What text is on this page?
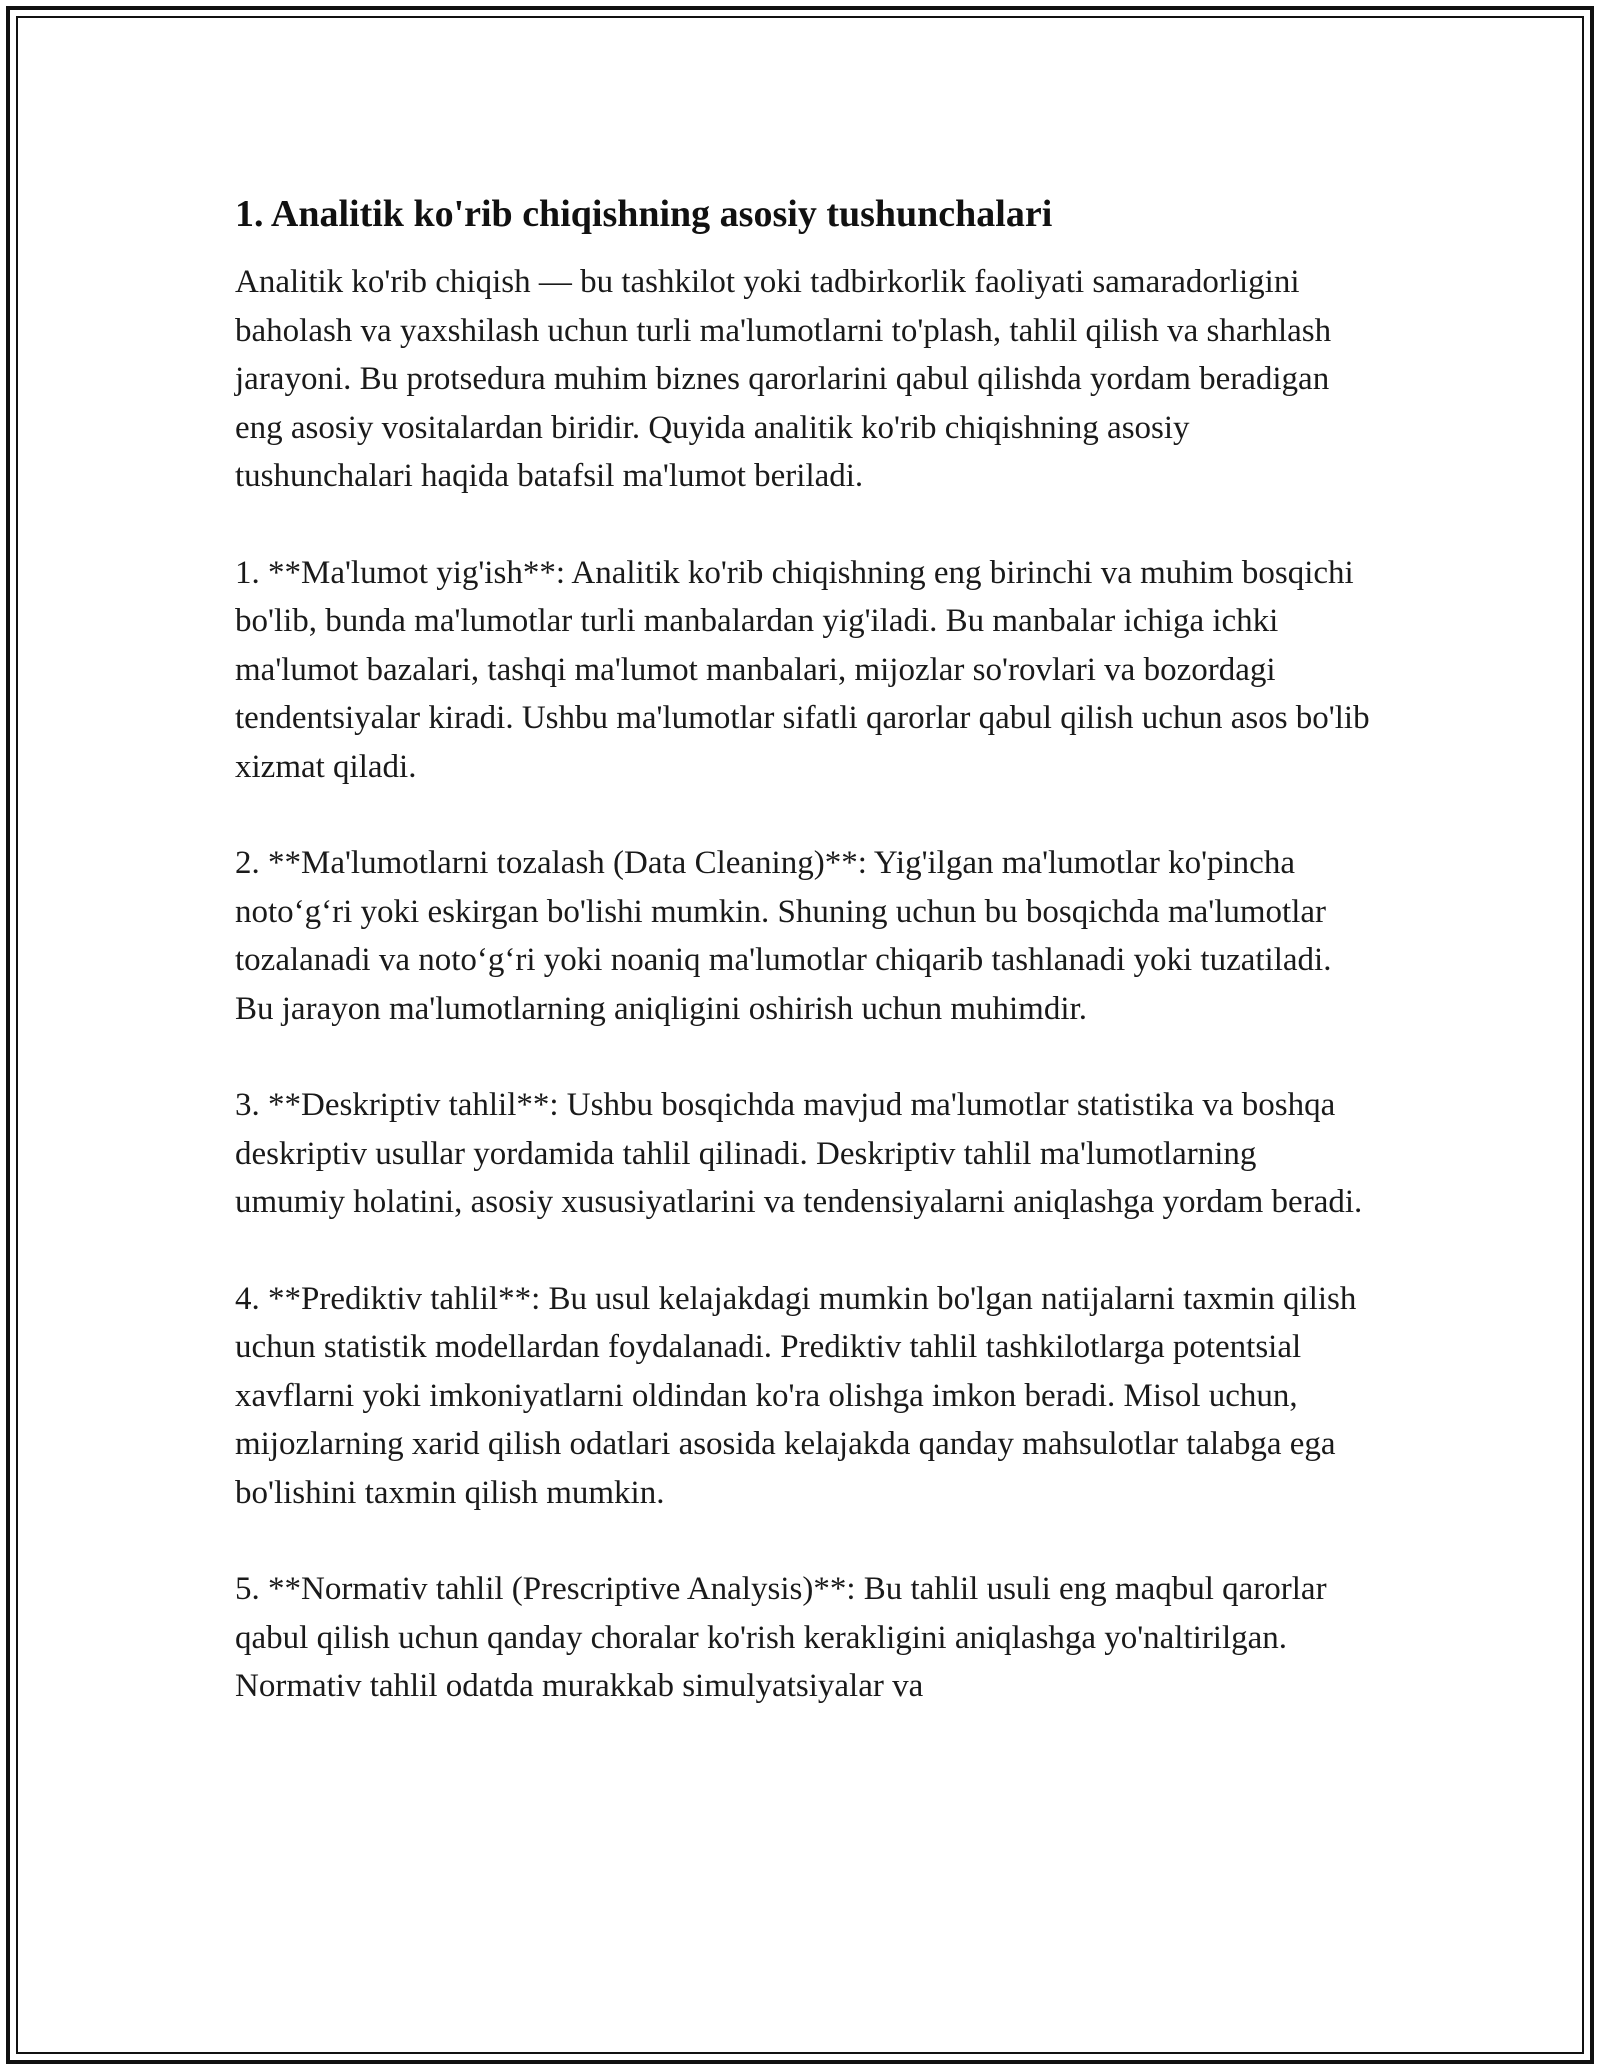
1. Analitik ko'rib chiqishning asosiy tushunchalari

Analitik ko'rib chiqish — bu tashkilot yoki tadbirkorlik faoliyati samaradorligini baholash va yaxshilash uchun turli ma'lumotlarni to'plash, tahlil qilish va sharhlash jarayoni. Bu protsedura muhim biznes qarorlarini qabul qilishda yordam beradigan eng asosiy vositalardan biridir. Quyida analitik ko'rib chiqishning asosiy tushunchalari haqida batafsil ma'lumot beriladi.

1. **Ma'lumot yig'ish**: Analitik ko'rib chiqishning eng birinchi va muhim bosqichi bo'lib, bunda ma'lumotlar turli manbalardan yig'iladi. Bu manbalar ichiga ichki ma'lumot bazalari, tashqi ma'lumot manbalari, mijozlar so'rovlari va bozordagi tendentsiyalar kiradi. Ushbu ma'lumotlar sifatli qarorlar qabul qilish uchun asos bo'lib xizmat qiladi.

2. **Ma'lumotlarni tozalash (Data Cleaning)**: Yig'ilgan ma'lumotlar ko'pincha noto‘g‘ri yoki eskirgan bo'lishi mumkin. Shuning uchun bu bosqichda ma'lumotlar tozalanadi va noto‘g‘ri yoki noaniq ma'lumotlar chiqarib tashlanadi yoki tuzatiladi. Bu jarayon ma'lumotlarning aniqligini oshirish uchun muhimdir.

3. **Deskriptiv tahlil**: Ushbu bosqichda mavjud ma'lumotlar statistika va boshqa deskriptiv usullar yordamida tahlil qilinadi. Deskriptiv tahlil ma'lumotlarning umumiy holatini, asosiy xususiyatlarini va tendensiyalarni aniqlashga yordam beradi.

4. **Prediktiv tahlil**: Bu usul kelajakdagi mumkin bo'lgan natijalarni taxmin qilish uchun statistik modellardan foydalanadi. Prediktiv tahlil tashkilotlarga potentsial xavflarni yoki imkoniyatlarni oldindan ko'ra olishga imkon beradi. Misol uchun, mijozlarning xarid qilish odatlari asosida kelajakda qanday mahsulotlar talabga ega bo'lishini taxmin qilish mumkin.

5. **Normativ tahlil (Prescriptive Analysis)**: Bu tahlil usuli eng maqbul qarorlar qabul qilish uchun qanday choralar ko'rish kerakligini aniqlashga yo'naltirilgan. Normativ tahlil odatda murakkab simulyatsiyalar va
